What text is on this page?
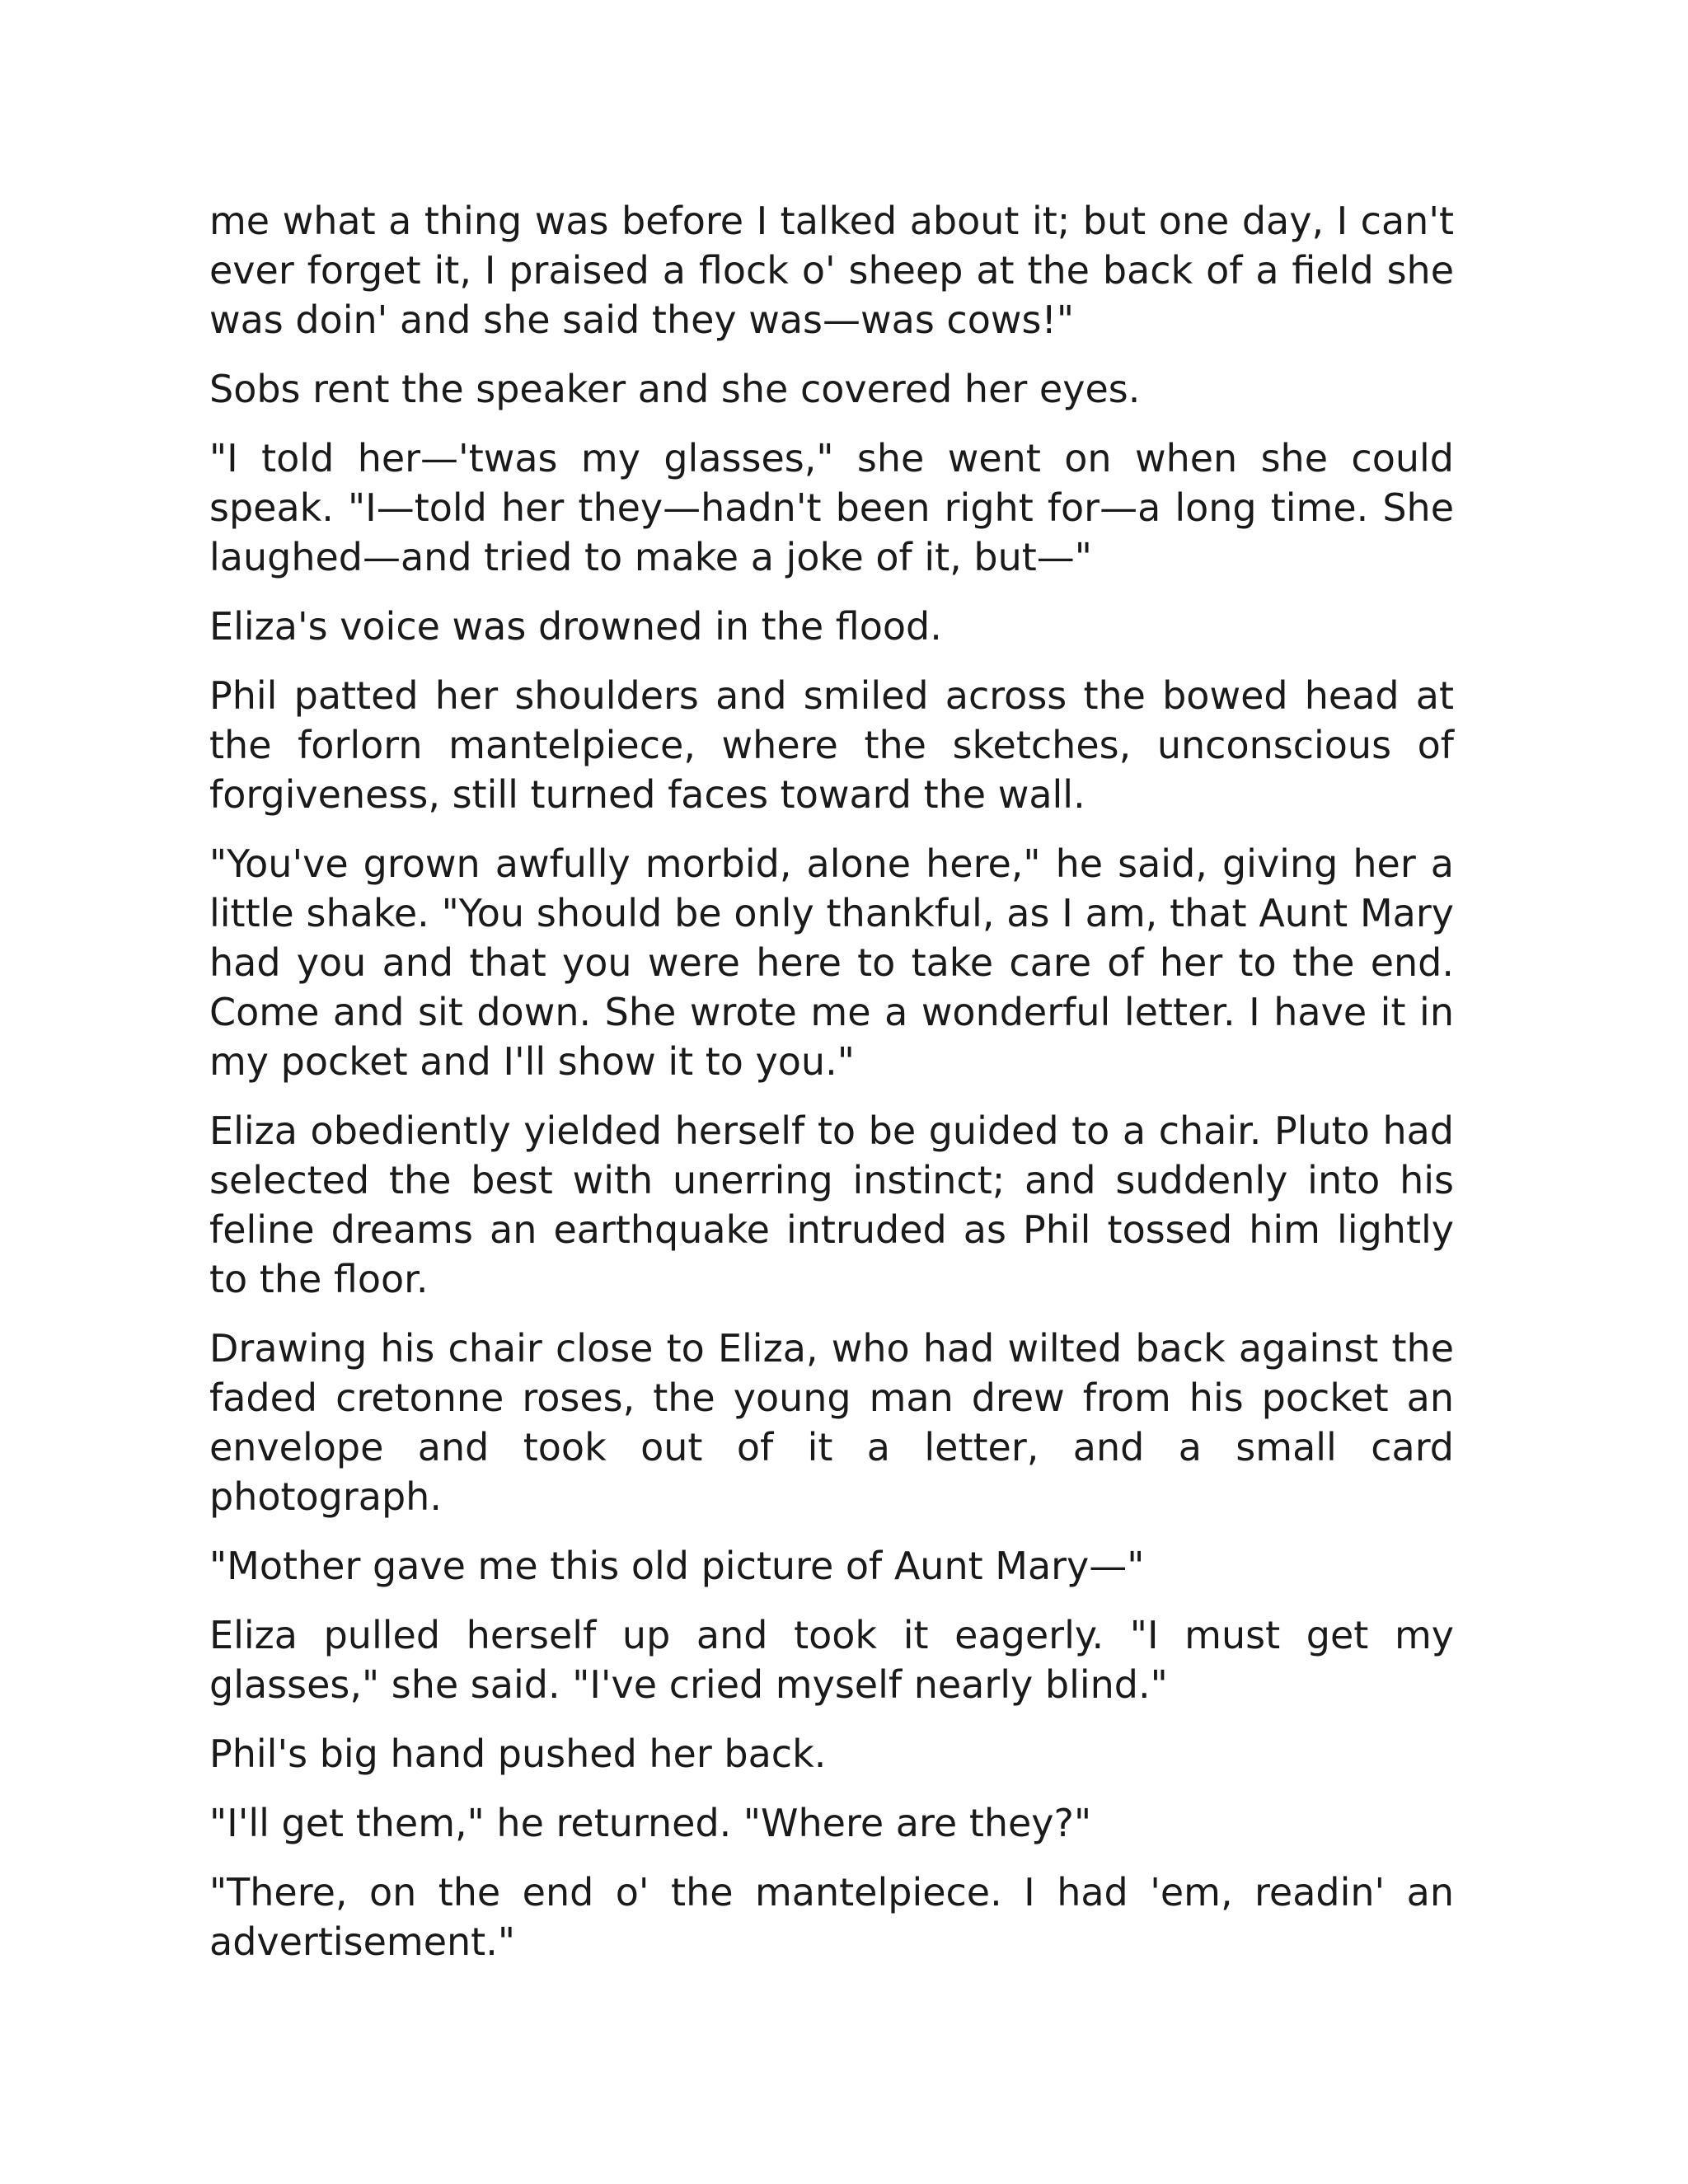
me what a thing was before I talked about it; but one day, I can't ever forget it, I praised a flock o' sheep at the back of a field she was doin' and she said they was—was cows!"

Sobs rent the speaker and she covered her eyes.

"I told her—'twas my glasses," she went on when she could speak. "I—told her they—hadn't been right for—a long time. She laughed—and tried to make a joke of it, but—"

Eliza's voice was drowned in the flood.

Phil patted her shoulders and smiled across the bowed head at the forlorn mantelpiece, where the sketches, unconscious of forgiveness, still turned faces toward the wall.

"You've grown awfully morbid, alone here," he said, giving her a little shake. "You should be only thankful, as I am, that Aunt Mary had you and that you were here to take care of her to the end. Come and sit down. She wrote me a wonderful letter. I have it in my pocket and I'll show it to you."

Eliza obediently yielded herself to be guided to a chair. Pluto had selected the best with unerring instinct; and suddenly into his feline dreams an earthquake intruded as Phil tossed him lightly to the floor.

Drawing his chair close to Eliza, who had wilted back against the faded cretonne roses, the young man drew from his pocket an envelope and took out of it a letter, and a small card photograph.

"Mother gave me this old picture of Aunt Mary—"

Eliza pulled herself up and took it eagerly. "I must get my glasses," she said. "I've cried myself nearly blind."

Phil's big hand pushed her back.

"I'll get them," he returned. "Where are they?"

"There, on the end o' the mantelpiece. I had 'em, readin' an advertisement."
